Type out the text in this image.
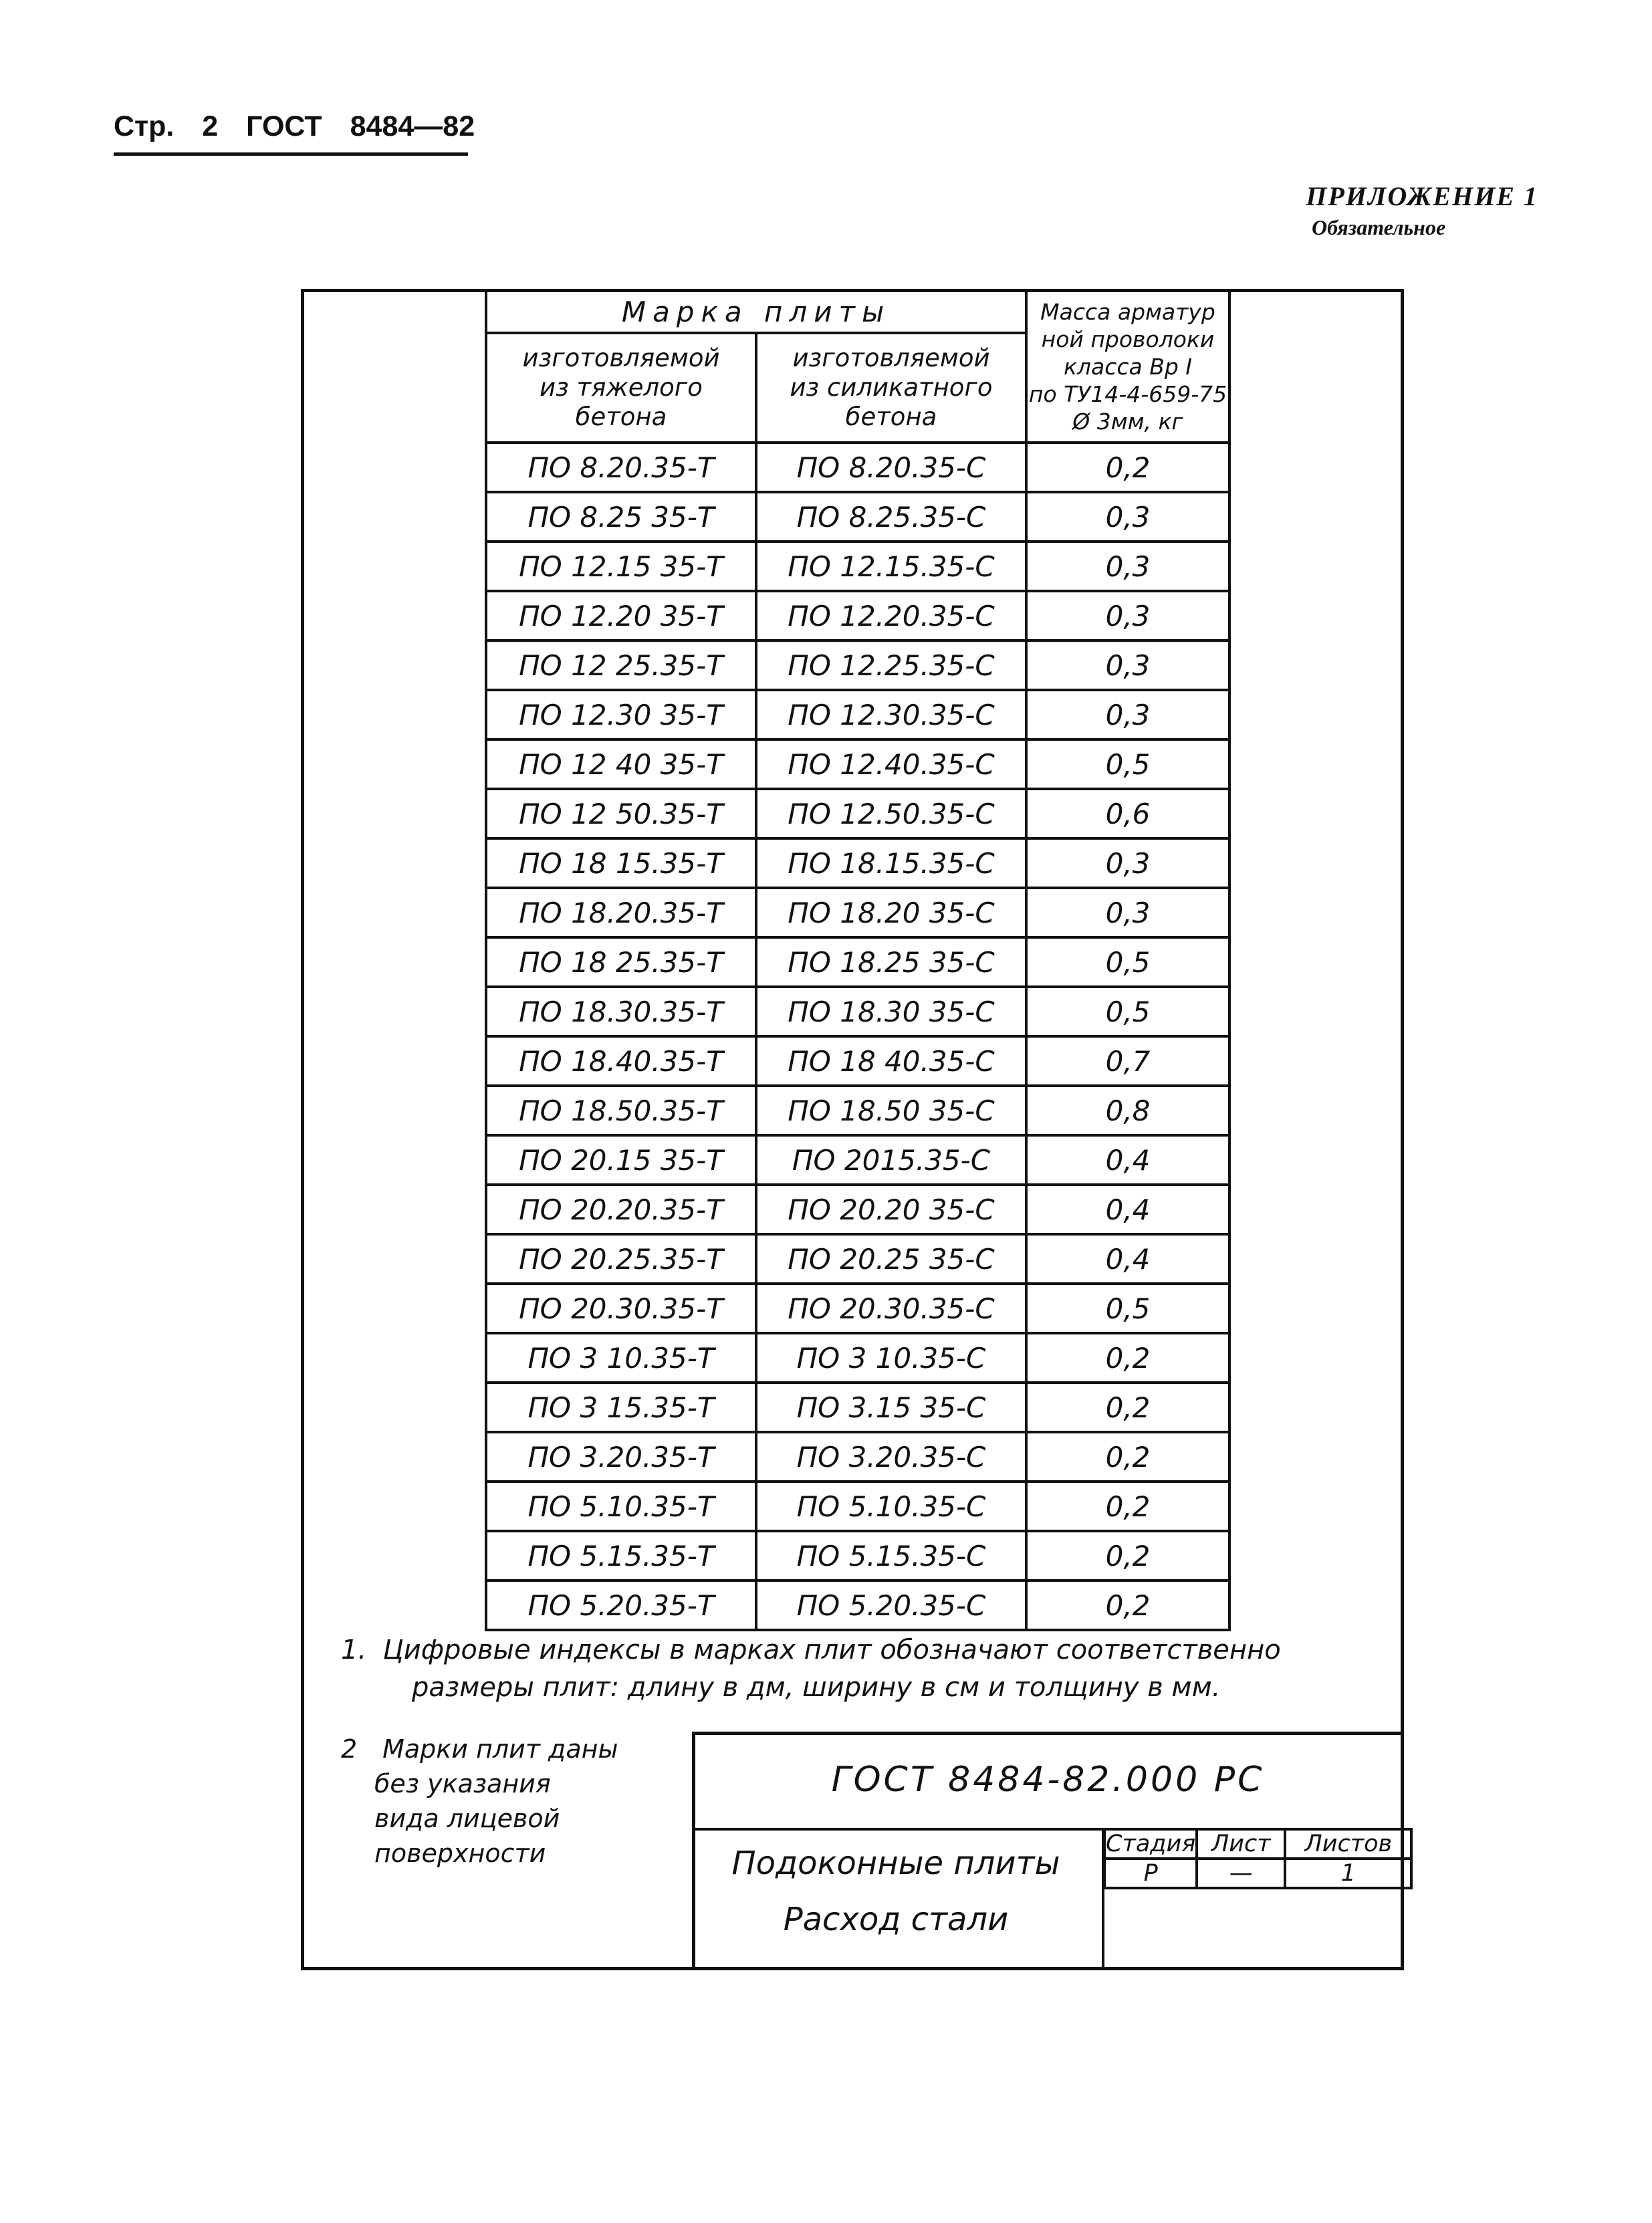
Стр. 2 ГОСТ 8484—82
ПРИЛОЖЕНИЕ 1
Обязательное
Марка плиты		Масса арматур
ной проволоки
класса Вр I
по ТУ14-4-659-75
Ø 3мм, кг

изготовляемой
из тяжелого
бетона	изготовляемой
из силикатного
бетона	

ПО 8.20.35-Т	ПО 8.20.35-С	0,2
ПО 8.25 35-Т	ПО 8.25.35-С	0,3
ПО 12.15 35-Т	ПО 12.15.35-С	0,3
ПО 12.20 35-Т	ПО 12.20.35-С	0,3
ПО 12 25.35-Т	ПО 12.25.35-С	0,3
ПО 12.30 35-Т	ПО 12.30.35-С	0,3
ПО 12 40 35-Т	ПО 12.40.35-С	0,5
ПО 12 50.35-Т	ПО 12.50.35-С	0,6
ПО 18 15.35-Т	ПО 18.15.35-С	0,3
ПО 18.20.35-Т	ПО 18.20 35-С	0,3
ПО 18 25.35-Т	ПО 18.25 35-С	0,5
ПО 18.30.35-Т	ПО 18.30 35-С	0,5
ПО 18.40.35-Т	ПО 18 40.35-С	0,7
ПО 18.50.35-Т	ПО 18.50 35-С	0,8
ПО 20.15 35-Т	ПО 2015.35-С	0,4
ПО 20.20.35-Т	ПО 20.20 35-С	0,4
ПО 20.25.35-Т	ПО 20.25 35-С	0,4
ПО 20.30.35-Т	ПО 20.30.35-С	0,5
ПО 3 10.35-Т	ПО 3 10.35-С	0,2
ПО 3 15.35-Т	ПО 3.15 35-С	0,2
ПО 3.20.35-Т	ПО 3.20.35-С	0,2
ПО 5.10.35-Т	ПО 5.10.35-С	0,2
ПО 5.15.35-Т	ПО 5.15.35-С	0,2
ПО 5.20.35-Т	ПО 5.20.35-С	0,2
1. Цифровые индексы в марках плит обозначают соответственно
размеры плит: длину в дм, ширину в см и толщину в мм.
2 Марки плит даны
без указания
вида лицевой
поверхности
ГОСТ 8484-82.000 РС
Подоконные плиты
Расход стали
Стадия	Лист	Листов
Р	—	1
